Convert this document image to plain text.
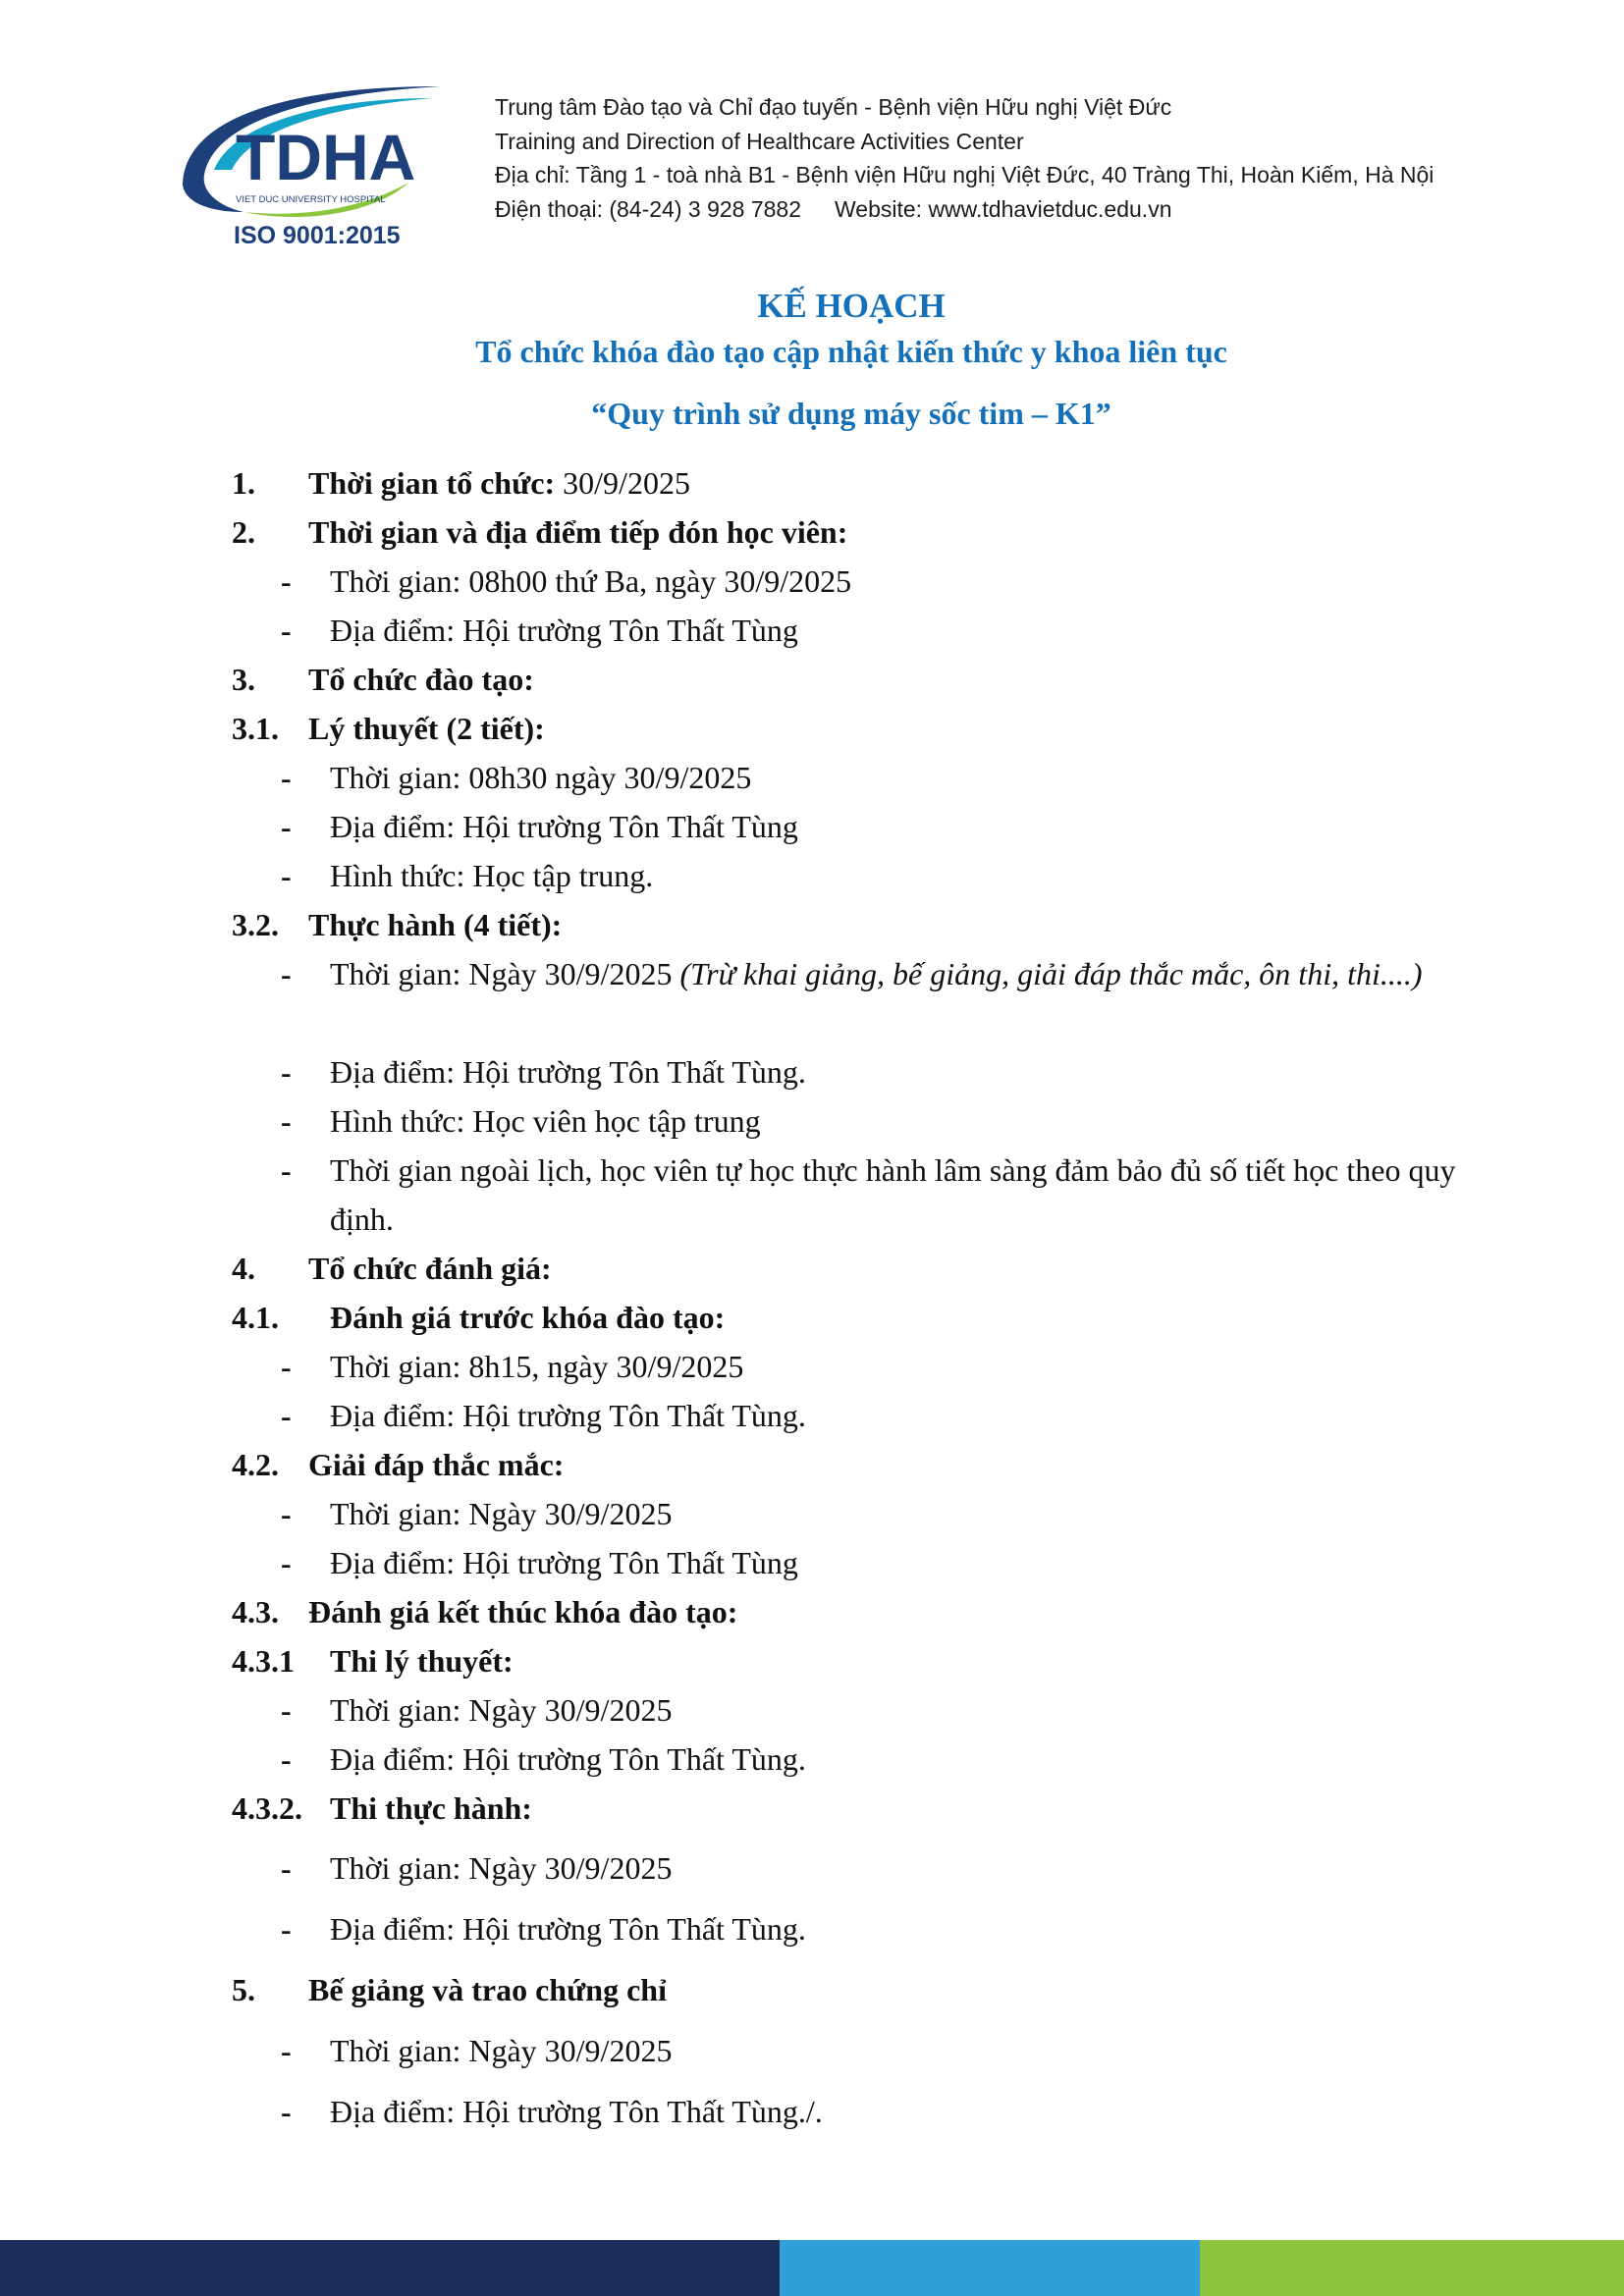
TDHA
VIET DUC UNIVERSITY HOSPITAL
ISO 9001:2015
Trung tâm Đào tạo và Chỉ đạo tuyến - Bệnh viện Hữu nghị Việt Đức
Training and Direction of Healthcare Activities Center
Địa chỉ: Tầng 1 - toà nhà B1 - Bệnh viện Hữu nghị Việt Đức, 40 Tràng Thi, Hoàn Kiếm, Hà Nội
Điện thoại: (84-24) 3 928 7882 Website: www.tdhavietduc.edu.vn
KẾ HOẠCH
Tổ chức khóa đào tạo cập nhật kiến thức y khoa liên tục
“Quy trình sử dụng máy sốc tim – K1”
1. Thời gian tổ chức: 30/9/2025
2. Thời gian và địa điểm tiếp đón học viên:
- Thời gian: 08h00 thứ Ba, ngày 30/9/2025
- Địa điểm: Hội trường Tôn Thất Tùng
3. Tổ chức đào tạo:
3.1. Lý thuyết (2 tiết):
- Thời gian: 08h30 ngày 30/9/2025
- Địa điểm: Hội trường Tôn Thất Tùng
- Hình thức: Học tập trung.
3.2. Thực hành (4 tiết):
- Thời gian: Ngày 30/9/2025 (Trừ khai giảng, bế giảng, giải đáp thắc mắc, ôn thi, thi....)
- Địa điểm: Hội trường Tôn Thất Tùng.
- Hình thức: Học viên học tập trung
- Thời gian ngoài lịch, học viên tự học thực hành lâm sàng đảm bảo đủ số tiết học theo quy định.
4. Tổ chức đánh giá:
4.1. Đánh giá trước khóa đào tạo:
- Thời gian: 8h15, ngày 30/9/2025
- Địa điểm: Hội trường Tôn Thất Tùng.
4.2. Giải đáp thắc mắc:
- Thời gian: Ngày 30/9/2025
- Địa điểm: Hội trường Tôn Thất Tùng
4.3. Đánh giá kết thúc khóa đào tạo:
4.3.1 Thi lý thuyết:
- Thời gian: Ngày 30/9/2025
- Địa điểm: Hội trường Tôn Thất Tùng.
4.3.2. Thi thực hành:
- Thời gian: Ngày 30/9/2025
- Địa điểm: Hội trường Tôn Thất Tùng.
5. Bế giảng và trao chứng chỉ
- Thời gian: Ngày 30/9/2025
- Địa điểm: Hội trường Tôn Thất Tùng./.
